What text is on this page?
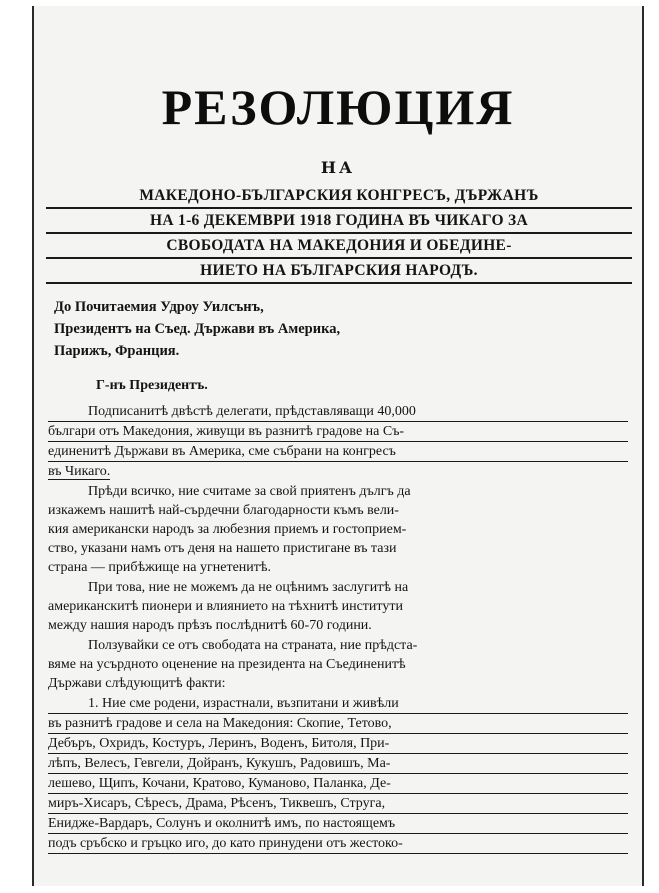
РЕЗОЛЮЦИЯ
НА
МАКЕДОНО-БЪЛГАРСКИЯ КОНГРЕСЪ, ДЪРЖАНЪ
НА 1-6 ДЕКЕМВРИ 1918 ГОДИНА ВЪ ЧИКАГО ЗА
СВОБОДАТА НА МАКЕДОНИЯ И ОБЕДИНЕ-
НИЕТО НА БЪЛГАРСКИЯ НАРОДЪ.
До Почитаемия Удроу Уилсънъ,
Президентъ на Съед. Държави въ Америка,
Парижъ, Франция.
Г-нъ Президентъ.
Подписанитѣ двѣстѣ делегати, прѣдставляващи 40,000
българи отъ Македония, живущи въ разнитѣ градове на Съ-
единенитѣ Държави въ Америка, сме събрани на конгресъ
въ Чикаго.
Прѣди всичко, ние считаме за свой приятенъ дългъ да
изкажемъ нашитѣ най-сърдечни благодарности къмъ вели-
кия американски народъ за любезния приемъ и гостоприем-
ство, указани намъ отъ деня на нашето пристигане въ тази
страна — прибѣжище на угнетенитѣ.
При това, ние не можемъ да не оцѣнимъ заслугитѣ на
американскитѣ пионери и влиянието на тѣхнитѣ институти
между нашия народъ прѣзъ послѣднитѣ 60-70 години.
Ползувайки се отъ свободата на страната, ние прѣдста-
вяме на усърдното оценение на президента на Съединенитѣ
Държави слѣдующитѣ факти:
1. Ние сме родени, израстнали, възпитани и живѣли
въ разнитѣ градове и села на Македония: Скопие, Тетово,
Дебъръ, Охридъ, Костуръ, Леринъ, Воденъ, Битоля, При-
лѣпъ, Велесъ, Гевгели, Дойранъ, Кукушъ, Радовишъ, Ма-
лешево, Щипъ, Кочани, Кратово, Куманово, Паланка, Де-
миръ-Хисаръ, Сѣресъ, Драма, Рѣсенъ, Тиквешъ, Струга,
Енидже-Вардаръ, Солунъ и околнитѣ имъ, по настоящемъ
подъ сръбско и гръцко иго, до като принудени отъ жестоко-
